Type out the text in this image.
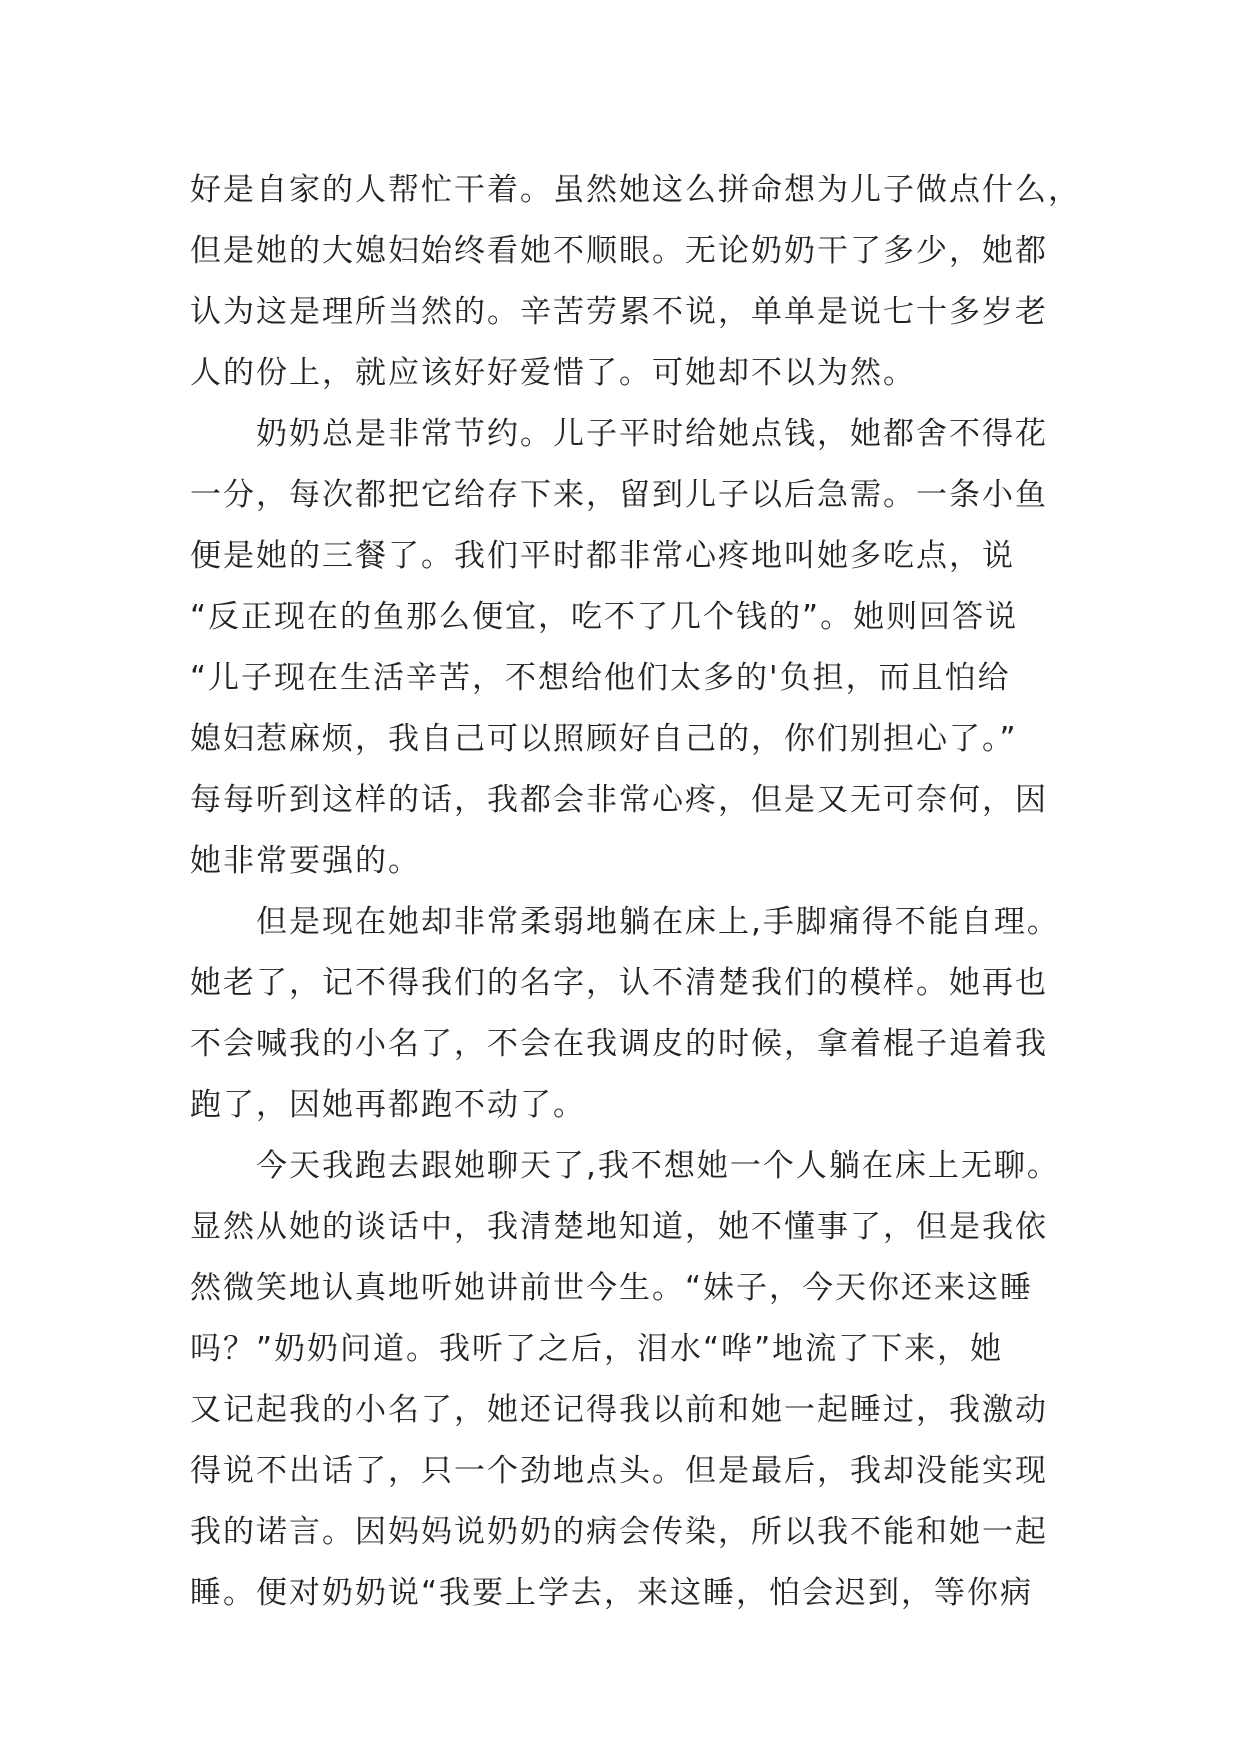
好是自家的人帮忙干着。虽然她这么拼命想为儿子做点什么，
但是她的大媳妇始终看她不顺眼。无论奶奶干了多少，她都
认为这是理所当然的。辛苦劳累不说，单单是说七十多岁老
人的份上，就应该好好爱惜了。可她却不以为然。
奶奶总是非常节约。儿子平时给她点钱，她都舍不得花
一分，每次都把它给存下来，留到儿子以后急需。一条小鱼
便是她的三餐了。我们平时都非常心疼地叫她多吃点，说
“反正现在的鱼那么便宜，吃不了几个钱的”。她则回答说
“儿子现在生活辛苦，不想给他们太多的'负担，而且怕给
媳妇惹麻烦，我自己可以照顾好自己的，你们别担心了。”
每每听到这样的话，我都会非常心疼，但是又无可奈何，因
她非常要强的。
但是现在她却非常柔弱地躺在床上,手脚痛得不能自理。
她老了，记不得我们的名字，认不清楚我们的模样。她再也
不会喊我的小名了，不会在我调皮的时候，拿着棍子追着我
跑了，因她再都跑不动了。
今天我跑去跟她聊天了,我不想她一个人躺在床上无聊。
显然从她的谈话中，我清楚地知道，她不懂事了，但是我依
然微笑地认真地听她讲前世今生。“妹子，今天你还来这睡
吗？”奶奶问道。我听了之后，泪水“哗”地流了下来，她
又记起我的小名了，她还记得我以前和她一起睡过，我激动
得说不出话了，只一个劲地点头。但是最后，我却没能实现
我的诺言。因妈妈说奶奶的病会传染，所以我不能和她一起
睡。便对奶奶说“我要上学去，来这睡，怕会迟到，等你病
